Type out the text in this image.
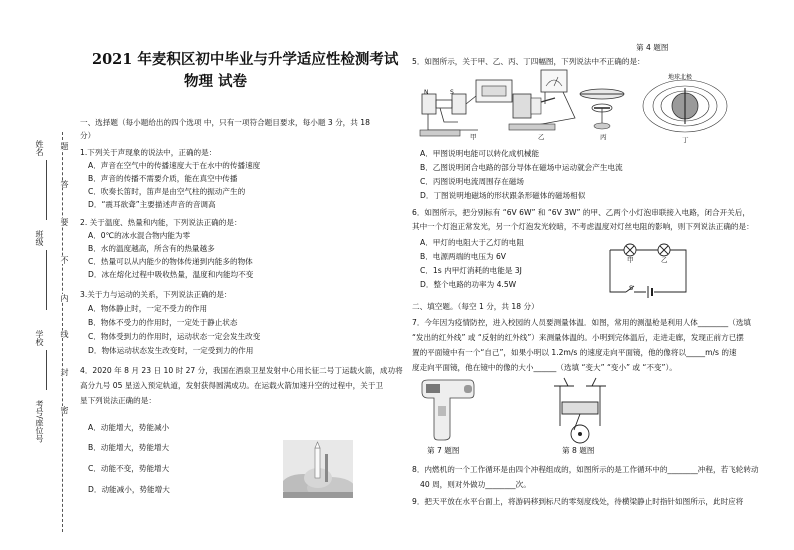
姓名
班级
学校
考号/座位号
题
答
要
不
内
线
封
密
2021 年麦积区初中毕业与升学适应性检测考试
物理 试卷
一、选择题（每小题给出的四个选项 中，只有一项符合题目要求，每小题 3 分，共 18
分）
1.下列关于声现象的说法中，正确的是：
A．声音在空气中的传播速度大于在水中的传播速度
B．声音的传播不需要介质，能在真空中传播
C．吹奏长笛时，笛声是由空气柱的振动产生的
D．“震耳欲聋”主要描述声音的音调高
2. 关于温度、热量和内能，下列说法正确的是：
A．0℃的冰水混合物内能为零
B．水的温度越高，所含有的热量越多
C．热量可以从内能少的物体传递到内能多的物体
D．冰在熔化过程中吸收热量，温度和内能均不变
3.关于力与运动的关系，下列说法正确的是：
A．物体静止时，一定不受力的作用
B．物体不受力的作用时，一定处于静止状态
C．物体受到力的作用时，运动状态一定会发生改变
D．物体运动状态发生改变时，一定受到力的作用
4．2020 年 8 月 23 日 10 时 27 分，我国在酒泉卫星发射中心用长征二号丁运载火箭，成功将
高分九号 05 星送入预定轨道，发射获得圆满成功。在运载火箭加速升空的过程中，关于卫
星下列说法正确的是：
A．动能增大，势能减小
B．动能增大，势能增大
C．动能不变，势能增大
D．动能减小，势能增大
第 4 题图
5．如图所示，关于甲、乙、丙、丁四幅图，下列说法中不正确的是：
N	S
甲	乙	丙
地球北极
丁
A．甲图说明电能可以转化成机械能
B．乙图说明闭合电路的部分导体在磁场中运动就会产生电流
C．丙图说明电流周围存在磁场
D．丁图说明地磁场的形状跟条形磁体的磁场相似
6．如图所示，把分别标有 “6V 6W” 和 “6V 3W” 的甲、乙两个小灯泡串联接入电路，闭合开关后，
其中一个灯泡正常发光，另一个灯泡发光较暗，不考虑温度对灯丝电阻的影响，则下列说法正确的是：
A．甲灯的电阻大于乙灯的电阻
B．电源两端的电压为 6V
C．1s 内甲灯消耗的电能是 3J
D．整个电路的功率为 4.5W
甲	乙
S
二、填空题。（每空 1 分，共 18 分）
7．今年因为疫情防控，进入校园的人员要测量体温．如图，常用的测温枪是利用人体________（选填
“发出的红外线” 或 “反射的红外线”）来测量体温的。小明到完体温后，走进走廊，发现正前方已摆
置的平面镜中有一个“自己”，如果小明以 1.2m/s 的速度走向平面镜，他的像将以_____m/s 的速
度走向平面镜，他在镜中的像的大小______（选填 “变大” “变小” 或 “不变”）。
第 7 题图	第 8 题图
8．内燃机的一个工作循环是由四个冲程组成的，如图所示的是工作循环中的________冲程，若飞轮转动
40 周，则对外做功________次。
9．把天平放在水平台面上，将游码移到标尺的零刻度线处，待横梁静止时指针如图所示，此时应将
